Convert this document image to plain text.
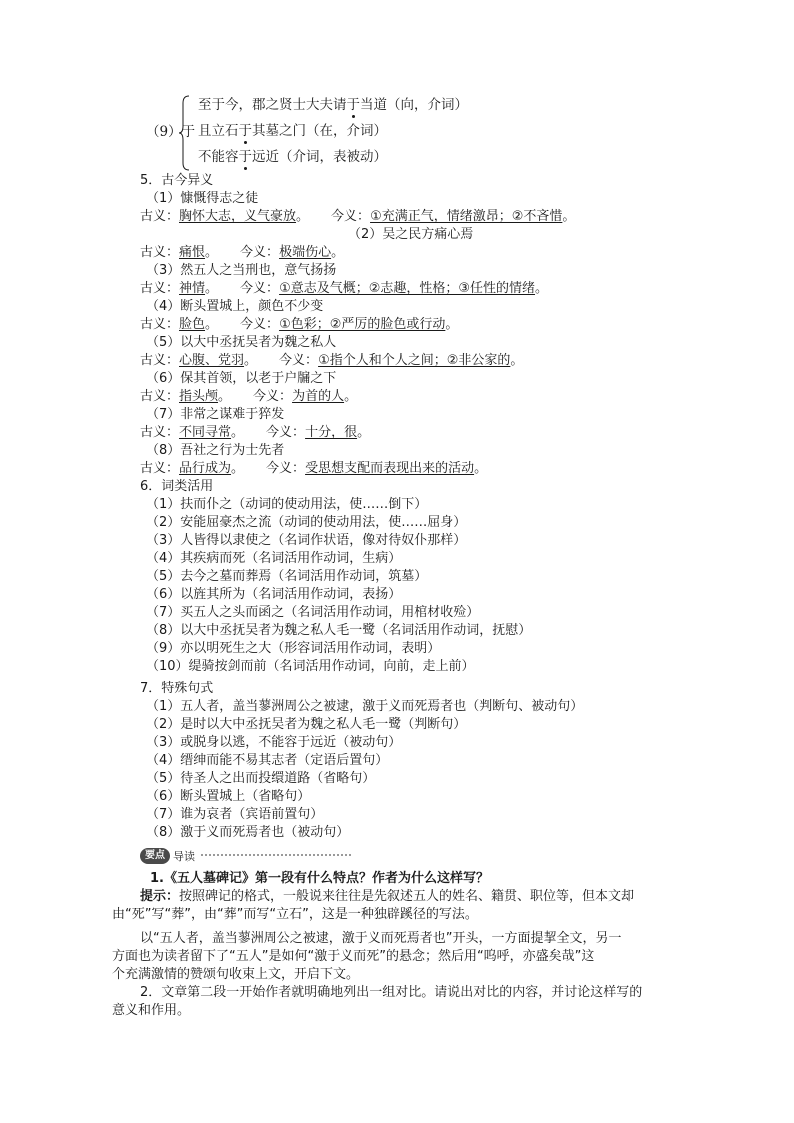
（9）于
至于今，郡之贤士大夫请于当道（向，介词）
且立石于其墓之门（在，介词）
不能容于远近（介词，表被动）
5．古今异义
（1）慷慨得志之徒
古义：胸怀大志，义气豪放。 今义：①充满正气，情绪激昂；②不吝惜。
（2）吴之民方痛心焉
古义：痛恨。 今义：极端伤心。
（3）然五人之当刑也，意气扬扬
古义：神情。 今义：①意志及气概；②志趣，性格；③任性的情绪。
（4）断头置城上，颜色不少变
古义：脸色。 今义：①色彩；②严厉的脸色或行动。
（5）以大中丞抚吴者为魏之私人
古义：心腹、党羽。 今义：①指个人和个人之间；②非公家的。
（6）保其首领，以老于户牖之下
古义：指头颅。 今义：为首的人。
（7）非常之谋难于猝发
古义：不同寻常。 今义：十分，很。
（8）吾社之行为士先者
古义：品行成为。 今义：受思想支配而表现出来的活动。
6．词类活用
（1）扶而仆之（动词的使动用法，使……倒下）
（2）安能屈豪杰之流（动词的使动用法，使……屈身）
（3）人皆得以隶使之（名词作状语，像对待奴仆那样）
（4）其疾病而死（名词活用作动词，生病）
（5）去今之墓而葬焉（名词活用作动词，筑墓）
（6）以旌其所为（名词活用作动词，表扬）
（7）买五人之头而函之（名词活用作动词，用棺材收殓）
（8）以大中丞抚吴者为魏之私人毛一鹭（名词活用作动词，抚慰）
（9）亦以明死生之大（形容词活用作动词，表明）
（10）缇骑按剑而前（名词活用作动词，向前，走上前）
7．特殊句式
（1）五人者，盖当蓼洲周公之被逮，激于义而死焉者也（判断句、被动句）
（2）是时以大中丞抚吴者为魏之私人毛一鹭（判断句）
（3）或脱身以逃，不能容于远近（被动句）
（4）缙绅而能不易其志者（定语后置句）
（5）待圣人之出而投缳道路（省略句）
（6）断头置城上（省略句）
（7）谁为哀者（宾语前置句）
（8）激于义而死焉者也（被动句）
要点 导读
1.《五人墓碑记》第一段有什么特点？作者为什么这样写？
提示：按照碑记的格式，一般说来往往是先叙述五人的姓名、籍贯、职位等，但本文却
由“死”写“葬”，由“葬”而写“立石”，这是一种独辟蹊径的写法。
以“五人者，盖当蓼洲周公之被逮，激于义而死焉者也”开头，一方面提挈全文，另一
方面也为读者留下了“五人”是如何“激于义而死”的悬念；然后用“呜呼，亦盛矣哉”这
个充满激情的赞颂句收束上文，开启下文。
2．文章第二段一开始作者就明确地列出一组对比。请说出对比的内容，并讨论这样写的
意义和作用。
